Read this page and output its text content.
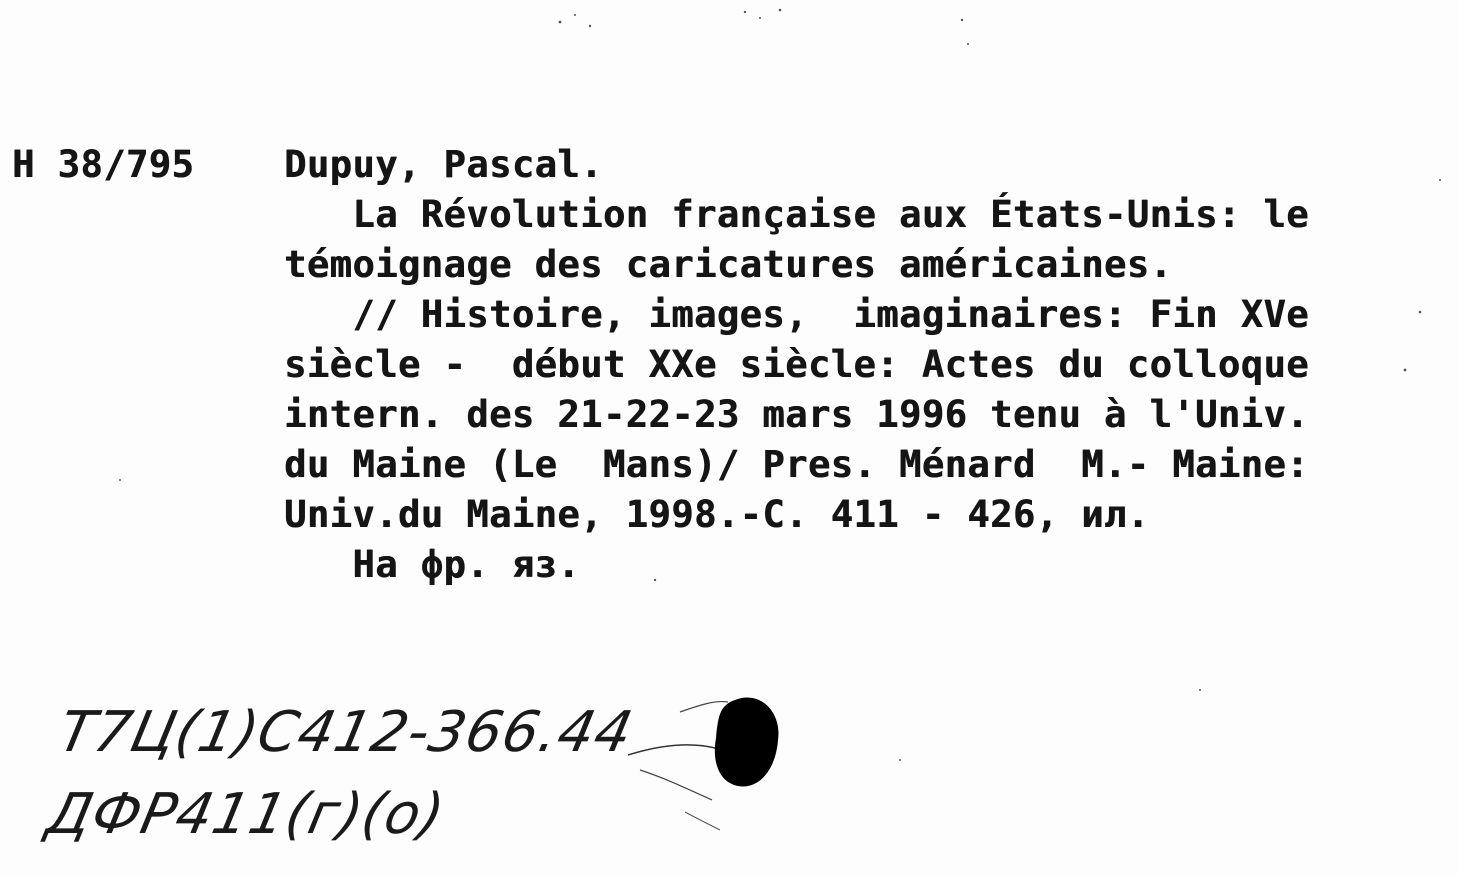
Н 38/795 Dupuy, Pascal.
La Révolution française aux États-Unis: le
témoignage des caricatures américaines.
// Histoire, images,  imaginaires: Fin XVe
siècle -  début XXe siècle: Actes du colloque
intern. des 21-22-23 mars 1996 tenu à l'Univ.
du Maine (Le  Mans)/ Pres. Ménard  M.- Maine:
Univ.du Maine, 1998.-С. 411 - 426, ил.
На фр. яз.
Т7Ц(1)С412-366.44
ДФР411(г)(о)
